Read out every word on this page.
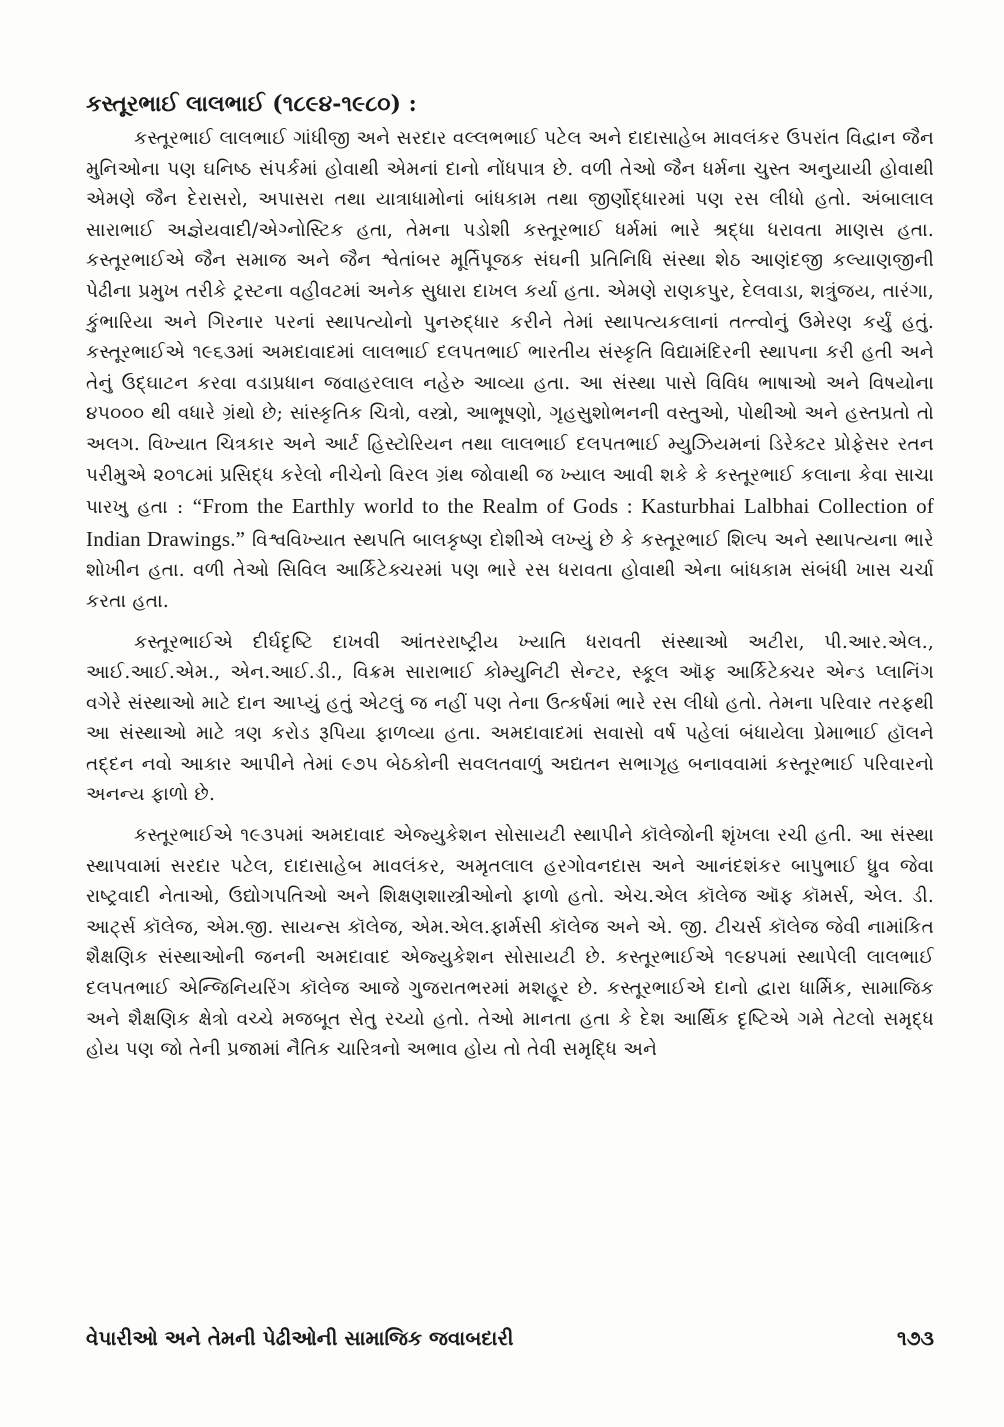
કસ્તૂરભાઈ લાલભાઈ (૧૮૯૪-૧૯૮૦) :

કસ્તૂરભાઈ લાલભાઈ ગાંધીજી અને સરદાર વલ્લભભાઈ પટેલ અને દાદાસાહેબ માવલંકર ઉપરાંત વિદ્વાન જૈન મુનિઓના પણ ઘનિષ્ઠ સંપર્કમાં હોવાથી એમનાં દાનો નોંધપાત્ર છે. વળી તેઓ જૈન ધર્મના ચુસ્ત અનુયાયી હોવાથી એમણે જૈન દેરાસરો, અપાસરા તથા યાત્રાધામોનાં બાંધકામ તથા જીર્ણોદ્ધારમાં પણ રસ લીધો હતો. અંબાલાલ સારાભાઈ અજ્ઞેયવાદી/એગ્નોસ્ટિક હતા, તેમના પડોશી કસ્તૂરભાઈ ધર્મમાં ભારે શ્રદ્ધા ધરાવતા માણસ હતા. કસ્તૂરભાઈએ જૈન સમાજ અને જૈન શ્વેતાંબર મૂર્તિપૂજક સંઘની પ્રતિનિધિ સંસ્થા શેઠ આણંદજી કલ્યાણજીની પેઢીના પ્રમુખ તરીકે ટ્રસ્ટના વહીવટમાં અનેક સુધારા દાખલ કર્યા હતા. એમણે રાણકપુર, દેલવાડા, શત્રુંજય, તારંગા, કુંભારિયા અને ગિરનાર પરનાં સ્થાપત્યોનો પુનરુદ્ધાર કરીને તેમાં સ્થાપત્યકલાનાં તત્ત્વોનું ઉમેરણ કર્યું હતું. કસ્તૂરભાઈએ ૧૯૬૩માં અમદાવાદમાં લાલભાઈ દલપતભાઈ ભારતીય સંસ્કૃતિ વિદ્યામંદિરની સ્થાપના કરી હતી અને તેનું ઉદ્ઘાટન કરવા વડાપ્રધાન જવાહરલાલ નહેરુ આવ્યા હતા. આ સંસ્થા પાસે વિવિધ ભાષાઓ અને વિષયોના ૪૫૦૦૦ થી વધારે ગ્રંથો છે; સાંસ્કૃતિક ચિત્રો, વસ્ત્રો, આભૂષણો, ગૃહસુશોભનની વસ્તુઓ, પોથીઓ અને હસ્તપ્રતો તો અલગ. વિખ્યાત ચિત્રકાર અને આર્ટ હિસ્ટોરિયન તથા લાલભાઈ દલપતભાઈ મ્યુઝિયમનાં ડિરેક્ટર પ્રોફેસર રતન પરીમુએ ૨૦૧૮માં પ્રસિદ્ધ કરેલો નીચેનો વિરલ ગ્રંથ જોવાથી જ ખ્યાલ આવી શકે કે કસ્તૂરભાઈ કલાના કેવા સાચા પારખુ હતા : “From the Earthly world to the Realm of Gods : Kasturbhai Lalbhai Collection of Indian Drawings.” વિશ્વવિખ્યાત સ્થપતિ બાલકૃષ્ણ દોશીએ લખ્યું છે કે કસ્તૂરભાઈ શિલ્પ અને સ્થાપત્યના ભારે શોખીન હતા. વળી તેઓ સિવિલ આર્કિટેક્ચરમાં પણ ભારે રસ ધરાવતા હોવાથી એના બાંધકામ સંબંધી ખાસ ચર્ચા કરતા હતા.

કસ્તૂરભાઈએ દીર્ઘદૃષ્ટિ દાખવી આંતરરાષ્ટ્રીય ખ્યાતિ ધરાવતી સંસ્થાઓ અટીરા, પી.આર.એલ., આઈ.આઈ.એમ., એન.આઈ.ડી., વિક્રમ સારાભાઈ કોમ્યુનિટી સેન્ટર, સ્કૂલ ઑફ આર્કિટેક્ચર એન્ડ પ્લાનિંગ વગેરે સંસ્થાઓ માટે દાન આપ્યું હતું એટલું જ નહીં પણ તેના ઉત્કર્ષમાં ભારે રસ લીધો હતો. તેમના પરિવાર તરફથી આ સંસ્થાઓ માટે ત્રણ કરોડ રૂપિયા ફાળવ્યા હતા. અમદાવાદમાં સવાસો વર્ષ પહેલાં બંધાયેલા પ્રેમાભાઈ હૉલને તદ્દન નવો આકાર આપીને તેમાં ૯૭૫ બેઠકોની સવલતવાળું અદ્યતન સભાગૃહ બનાવવામાં કસ્તૂરભાઈ પરિવારનો અનન્ય ફાળો છે.

કસ્તૂરભાઈએ ૧૯૩૫માં અમદાવાદ એજ્યુકેશન સોસાયટી સ્થાપીને કૉલેજોની શૃંખલા રચી હતી. આ સંસ્થા સ્થાપવામાં સરદાર પટેલ, દાદાસાહેબ માવલંકર, અમૃતલાલ હરગોવનદાસ અને આનંદશંકર બાપુભાઈ ધ્રુવ જેવા રાષ્ટ્રવાદી નેતાઓ, ઉદ્યોગપતિઓ અને શિક્ષણશાસ્ત્રીઓનો ફાળો હતો. એચ.એલ કૉલેજ ઑફ કૉમર્સ, એલ. ડી. આર્ટ્સ કૉલેજ, એમ.જી. સાયન્સ કૉલેજ, એમ.એલ.ફાર્મસી કૉલેજ અને એ. જી. ટીચર્સ કૉલેજ જેવી નામાંકિત શૈક્ષણિક સંસ્થાઓની જનની અમદાવાદ એજ્યુકેશન સોસાયટી છે. કસ્તૂરભાઈએ ૧૯૪૫માં સ્થાપેલી લાલભાઈ દલપતભાઈ એન્જિનિયરિંગ કૉલેજ આજે ગુજરાતભરમાં મશહૂર છે. કસ્તૂરભાઈએ દાનો દ્વારા ધાર્મિક, સામાજિક અને શૈક્ષણિક ક્ષેત્રો વચ્ચે મજબૂત સેતુ રચ્યો હતો. તેઓ માનતા હતા કે દેશ આર્થિક દૃષ્ટિએ ગમે તેટલો સમૃદ્ધ હોય પણ જો તેની પ્રજામાં નૈતિક ચારિત્રનો અભાવ હોય તો તેવી સમૃદ્ધિ અને

વેપારીઓ અને તેમની પેઢીઓની સામાજિક જવાબદારી	૧૭૩
